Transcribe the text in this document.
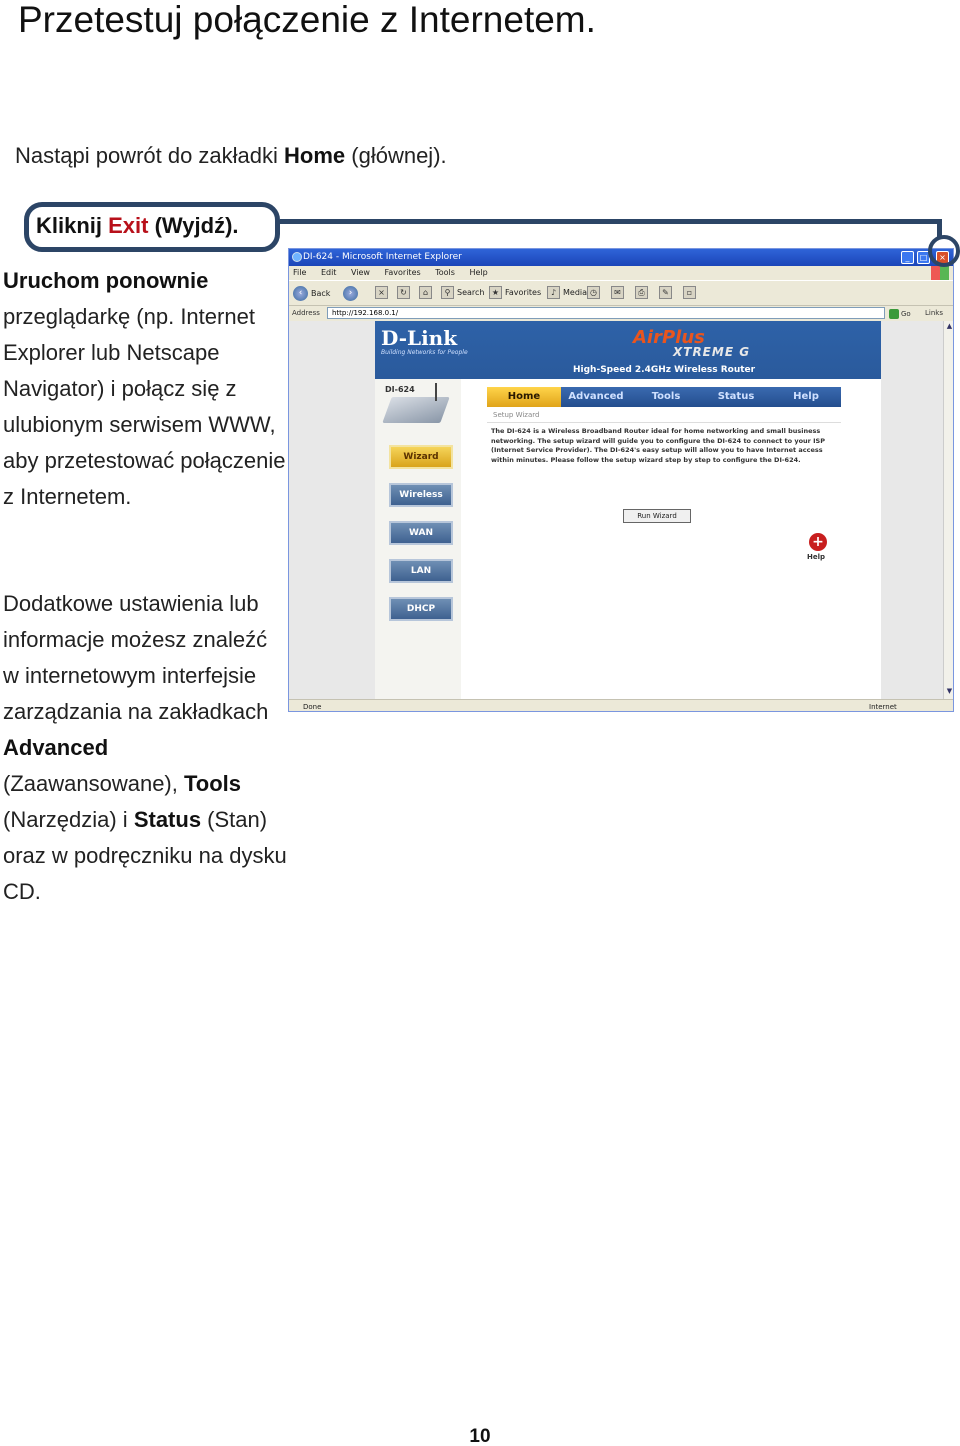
Przetestuj połączenie z Internetem.

Nastąpi powrót do zakładki Home (głównej).

Kliknij Exit (Wyjdź).
Uruchom ponownie przeglądarkę (np. Internet Explorer lub Netscape Navigator) i połącz się z ulubionym serwisem WWW, aby przetestować połączenie z Internetem.
Dodatkowe ustawienia lub informacje możesz znaleźć w internetowym interfejsie zarządzania na zakładkach Advanced (Zaawansowane), Tools (Narzędzia) i Status (Stan) oraz w podręczniku na dysku CD.
DI-624 - Microsoft Internet Explorer	_	□	×
File Edit View Favorites Tools Help
‹	Back	›	×	↻	⌂	⚲ Search ★ Favorites	♪ Media ◷	✉	⎙	✎	▫
Address	http://192.168.0.1/	Go Links
D-Link
Building Networks for People
AirPlus
XTREME G
High-Speed 2.4GHz Wireless Router
DI-624
Wizard
Wireless
WAN
LAN
DHCP
Home	Advanced	Tools	Status	Help
Setup Wizard
The DI-624 is a Wireless Broadband Router ideal for home networking and small business networking. The setup wizard will guide you to configure the DI-624 to connect to your ISP (Internet Service Provider). The DI-624's easy setup will allow you to have Internet access within minutes. Please follow the setup wizard step by step to configure the DI-624.
Run Wizard
+
Help
▲
▼
Done	Internet
10
